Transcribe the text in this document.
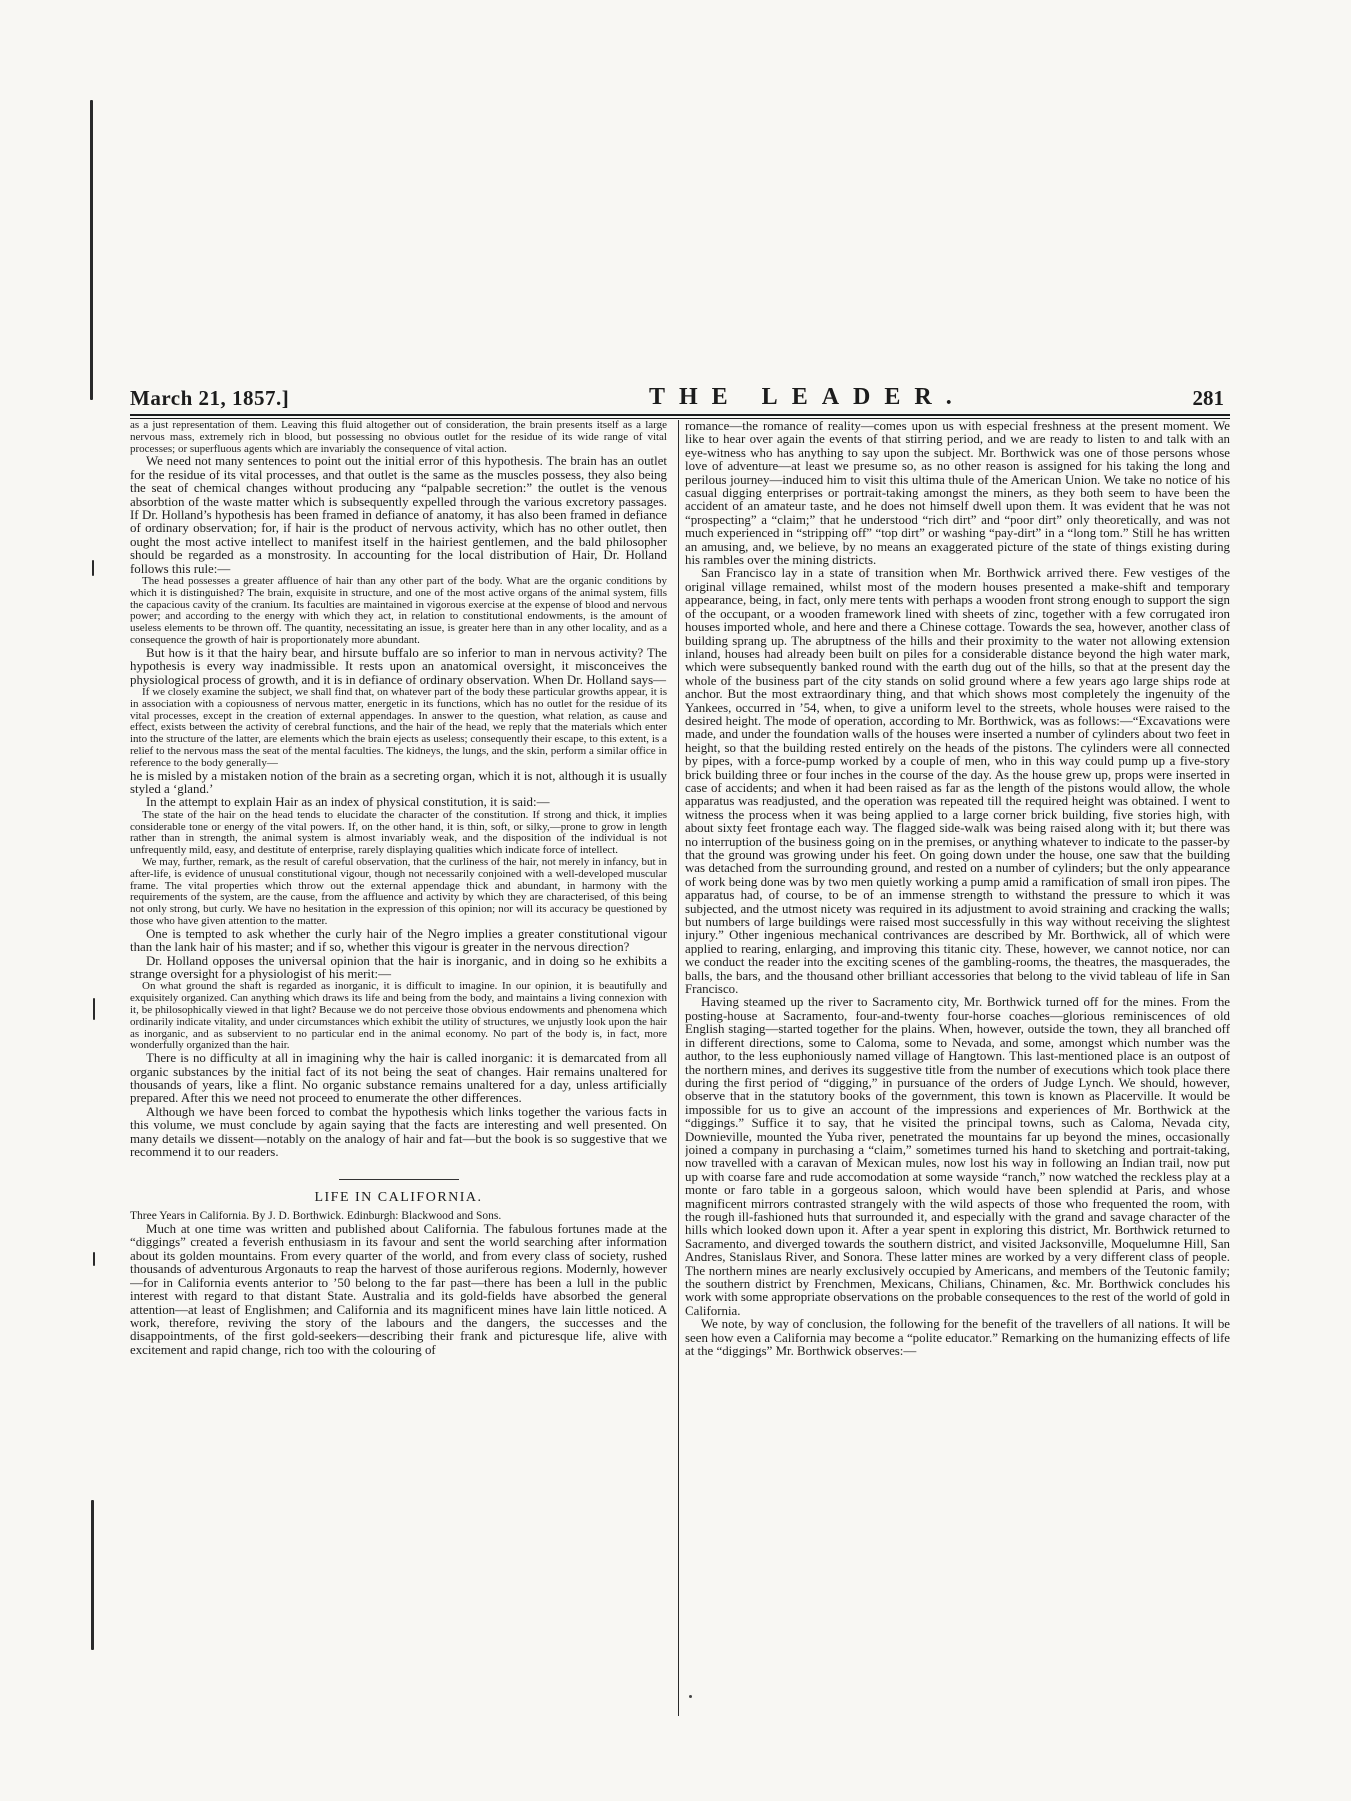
March 21, 1857.]	THE LEADER.	281

as a just representation of them. Leaving this fluid altogether out of consideration, the brain presents itself as a large nervous mass, extremely rich in blood, but possessing no obvious outlet for the residue of its wide range of vital processes; or superfluous agents which are invariably the consequence of vital action.

We need not many sentences to point out the initial error of this hypothesis. The brain has an outlet for the residue of its vital processes, and that outlet is the same as the muscles possess, they also being the seat of chemical changes without producing any “palpable secretion:” the outlet is the venous absorbtion of the waste matter which is subsequently expelled through the various excretory passages. If Dr. Holland’s hypothesis has been framed in defiance of anatomy, it has also been framed in defiance of ordinary observation; for, if hair is the product of nervous activity, which has no other outlet, then ought the most active intellect to manifest itself in the hairiest gentlemen, and the bald philosopher should be regarded as a monstrosity. In accounting for the local distribution of Hair, Dr. Holland follows this rule:—

The head possesses a greater affluence of hair than any other part of the body. What are the organic conditions by which it is distinguished? The brain, exquisite in structure, and one of the most active organs of the animal system, fills the capacious cavity of the cranium. Its faculties are maintained in vigorous exercise at the expense of blood and nervous power; and according to the energy with which they act, in relation to constitutional endowments, is the amount of useless elements to be thrown off. The quantity, necessitating an issue, is greater here than in any other locality, and as a consequence the growth of hair is proportionately more abundant.

But how is it that the hairy bear, and hirsute buffalo are so inferior to man in nervous activity? The hypothesis is every way inadmissible. It rests upon an anatomical oversight, it misconceives the physiological process of growth, and it is in defiance of ordinary observation. When Dr. Holland says—

If we closely examine the subject, we shall find that, on whatever part of the body these particular growths appear, it is in association with a copiousness of nervous matter, energetic in its functions, which has no outlet for the residue of its vital processes, except in the creation of external appendages. In answer to the question, what relation, as cause and effect, exists between the activity of cerebral functions, and the hair of the head, we reply that the materials which enter into the structure of the latter, are elements which the brain ejects as useless; consequently their escape, to this extent, is a relief to the nervous mass the seat of the mental faculties. The kidneys, the lungs, and the skin, perform a similar office in reference to the body generally—

he is misled by a mistaken notion of the brain as a secreting organ, which it is not, although it is usually styled a ‘gland.’

In the attempt to explain Hair as an index of physical constitution, it is said:—

The state of the hair on the head tends to elucidate the character of the constitution. If strong and thick, it implies considerable tone or energy of the vital powers. If, on the other hand, it is thin, soft, or silky,—prone to grow in length rather than in strength, the animal system is almost invariably weak, and the disposition of the individual is not unfrequently mild, easy, and destitute of enterprise, rarely displaying qualities which indicate force of intellect.

We may, further, remark, as the result of careful observation, that the curliness of the hair, not merely in infancy, but in after-life, is evidence of unusual constitutional vigour, though not necessarily conjoined with a well-developed muscular frame. The vital properties which throw out the external appendage thick and abundant, in harmony with the requirements of the system, are the cause, from the affluence and activity by which they are characterised, of this being not only strong, but curly. We have no hesitation in the expression of this opinion; nor will its accuracy be questioned by those who have given attention to the matter.

One is tempted to ask whether the curly hair of the Negro implies a greater constitutional vigour than the lank hair of his master; and if so, whether this vigour is greater in the nervous direction?

Dr. Holland opposes the universal opinion that the hair is inorganic, and in doing so he exhibits a strange oversight for a physiologist of his merit:—

On what ground the shaft is regarded as inorganic, it is difficult to imagine. In our opinion, it is beautifully and exquisitely organized. Can anything which draws its life and being from the body, and maintains a living connexion with it, be philosophically viewed in that light? Because we do not perceive those obvious endowments and phenomena which ordinarily indicate vitality, and under circumstances which exhibit the utility of structures, we unjustly look upon the hair as inorganic, and as subservient to no particular end in the animal economy. No part of the body is, in fact, more wonderfully organized than the hair.

There is no difficulty at all in imagining why the hair is called inorganic: it is demarcated from all organic substances by the initial fact of its not being the seat of changes. Hair remains unaltered for thousands of years, like a flint. No organic substance remains unaltered for a day, unless artificially prepared. After this we need not proceed to enumerate the other differences.

Although we have been forced to combat the hypothesis which links together the various facts in this volume, we must conclude by again saying that the facts are interesting and well presented. On many details we dissent—notably on the analogy of hair and fat—but the book is so suggestive that we recommend it to our readers.

LIFE IN CALIFORNIA.

Three Years in California. By J. D. Borthwick. Edinburgh: Blackwood and Sons.

Much at one time was written and published about California. The fabulous fortunes made at the “diggings” created a feverish enthusiasm in its favour and sent the world searching after information about its golden mountains. From every quarter of the world, and from every class of society, rushed thousands of adventurous Argonauts to reap the harvest of those auriferous regions. Modernly, however—for in California events anterior to ’50 belong to the far past—there has been a lull in the public interest with regard to that distant State. Australia and its gold-fields have absorbed the general attention—at least of Englishmen; and California and its magnificent mines have lain little noticed. A work, therefore, reviving the story of the labours and the dangers, the successes and the disappointments, of the first gold-seekers—describing their frank and picturesque life, alive with excitement and rapid change, rich too with the colouring of

romance—the romance of reality—comes upon us with especial freshness at the present moment. We like to hear over again the events of that stirring period, and we are ready to listen to and talk with an eye-witness who has anything to say upon the subject. Mr. Borthwick was one of those persons whose love of adventure—at least we presume so, as no other reason is assigned for his taking the long and perilous journey—induced him to visit this ultima thule of the American Union. We take no notice of his casual digging enterprises or portrait-taking amongst the miners, as they both seem to have been the accident of an amateur taste, and he does not himself dwell upon them. It was evident that he was not “prospecting” a “claim;” that he understood “rich dirt” and “poor dirt” only theoretically, and was not much experienced in “stripping off” “top dirt” or washing “pay-dirt” in a “long tom.” Still he has written an amusing, and, we believe, by no means an exaggerated picture of the state of things existing during his rambles over the mining districts.

San Francisco lay in a state of transition when Mr. Borthwick arrived there. Few vestiges of the original village remained, whilst most of the modern houses presented a make-shift and temporary appearance, being, in fact, only mere tents with perhaps a wooden front strong enough to support the sign of the occupant, or a wooden framework lined with sheets of zinc, together with a few corrugated iron houses imported whole, and here and there a Chinese cottage. Towards the sea, however, another class of building sprang up. The abruptness of the hills and their proximity to the water not allowing extension inland, houses had already been built on piles for a considerable distance beyond the high water mark, which were subsequently banked round with the earth dug out of the hills, so that at the present day the whole of the business part of the city stands on solid ground where a few years ago large ships rode at anchor. But the most extraordinary thing, and that which shows most completely the ingenuity of the Yankees, occurred in ’54, when, to give a uniform level to the streets, whole houses were raised to the desired height. The mode of operation, according to Mr. Borthwick, was as follows:—“Excavations were made, and under the foundation walls of the houses were inserted a number of cylinders about two feet in height, so that the building rested entirely on the heads of the pistons. The cylinders were all connected by pipes, with a force-pump worked by a couple of men, who in this way could pump up a five-story brick building three or four inches in the course of the day. As the house grew up, props were inserted in case of accidents; and when it had been raised as far as the length of the pistons would allow, the whole apparatus was readjusted, and the operation was repeated till the required height was obtained. I went to witness the process when it was being applied to a large corner brick building, five stories high, with about sixty feet frontage each way. The flagged side-walk was being raised along with it; but there was no interruption of the business going on in the premises, or anything whatever to indicate to the passer-by that the ground was growing under his feet. On going down under the house, one saw that the building was detached from the surrounding ground, and rested on a number of cylinders; but the only appearance of work being done was by two men quietly working a pump amid a ramification of small iron pipes. The apparatus had, of course, to be of an immense strength to withstand the pressure to which it was subjected, and the utmost nicety was required in its adjustment to avoid straining and cracking the walls; but numbers of large buildings were raised most successfully in this way without receiving the slightest injury.” Other ingenious mechanical contrivances are described by Mr. Borthwick, all of which were applied to rearing, enlarging, and improving this titanic city. These, however, we cannot notice, nor can we conduct the reader into the exciting scenes of the gambling-rooms, the theatres, the masquerades, the balls, the bars, and the thousand other brilliant accessories that belong to the vivid tableau of life in San Francisco.

Having steamed up the river to Sacramento city, Mr. Borthwick turned off for the mines. From the posting-house at Sacramento, four-and-twenty four-horse coaches—glorious reminiscences of old English staging—started together for the plains. When, however, outside the town, they all branched off in different directions, some to Caloma, some to Nevada, and some, amongst which number was the author, to the less euphoniously named village of Hangtown. This last-mentioned place is an outpost of the northern mines, and derives its suggestive title from the number of executions which took place there during the first period of “digging,” in pursuance of the orders of Judge Lynch. We should, however, observe that in the statutory books of the government, this town is known as Placerville. It would be impossible for us to give an account of the impressions and experiences of Mr. Borthwick at the “diggings.” Suffice it to say, that he visited the principal towns, such as Caloma, Nevada city, Downieville, mounted the Yuba river, penetrated the mountains far up beyond the mines, occasionally joined a company in purchasing a “claim,” sometimes turned his hand to sketching and portrait-taking, now travelled with a caravan of Mexican mules, now lost his way in following an Indian trail, now put up with coarse fare and rude accomodation at some wayside “ranch,” now watched the reckless play at a monte or faro table in a gorgeous saloon, which would have been splendid at Paris, and whose magnificent mirrors contrasted strangely with the wild aspects of those who frequented the room, with the rough ill-fashioned huts that surrounded it, and especially with the grand and savage character of the hills which looked down upon it. After a year spent in exploring this district, Mr. Borthwick returned to Sacramento, and diverged towards the southern district, and visited Jacksonville, Moquelumne Hill, San Andres, Stanislaus River, and Sonora. These latter mines are worked by a very different class of people. The northern mines are nearly exclusively occupied by Americans, and members of the Teutonic family; the southern district by Frenchmen, Mexicans, Chilians, Chinamen, &c. Mr. Borthwick concludes his work with some appropriate observations on the probable consequences to the rest of the world of gold in California.

We note, by way of conclusion, the following for the benefit of the travellers of all nations. It will be seen how even a California may become a “polite educator.” Remarking on the humanizing effects of life at the “diggings” Mr. Borthwick observes:—
